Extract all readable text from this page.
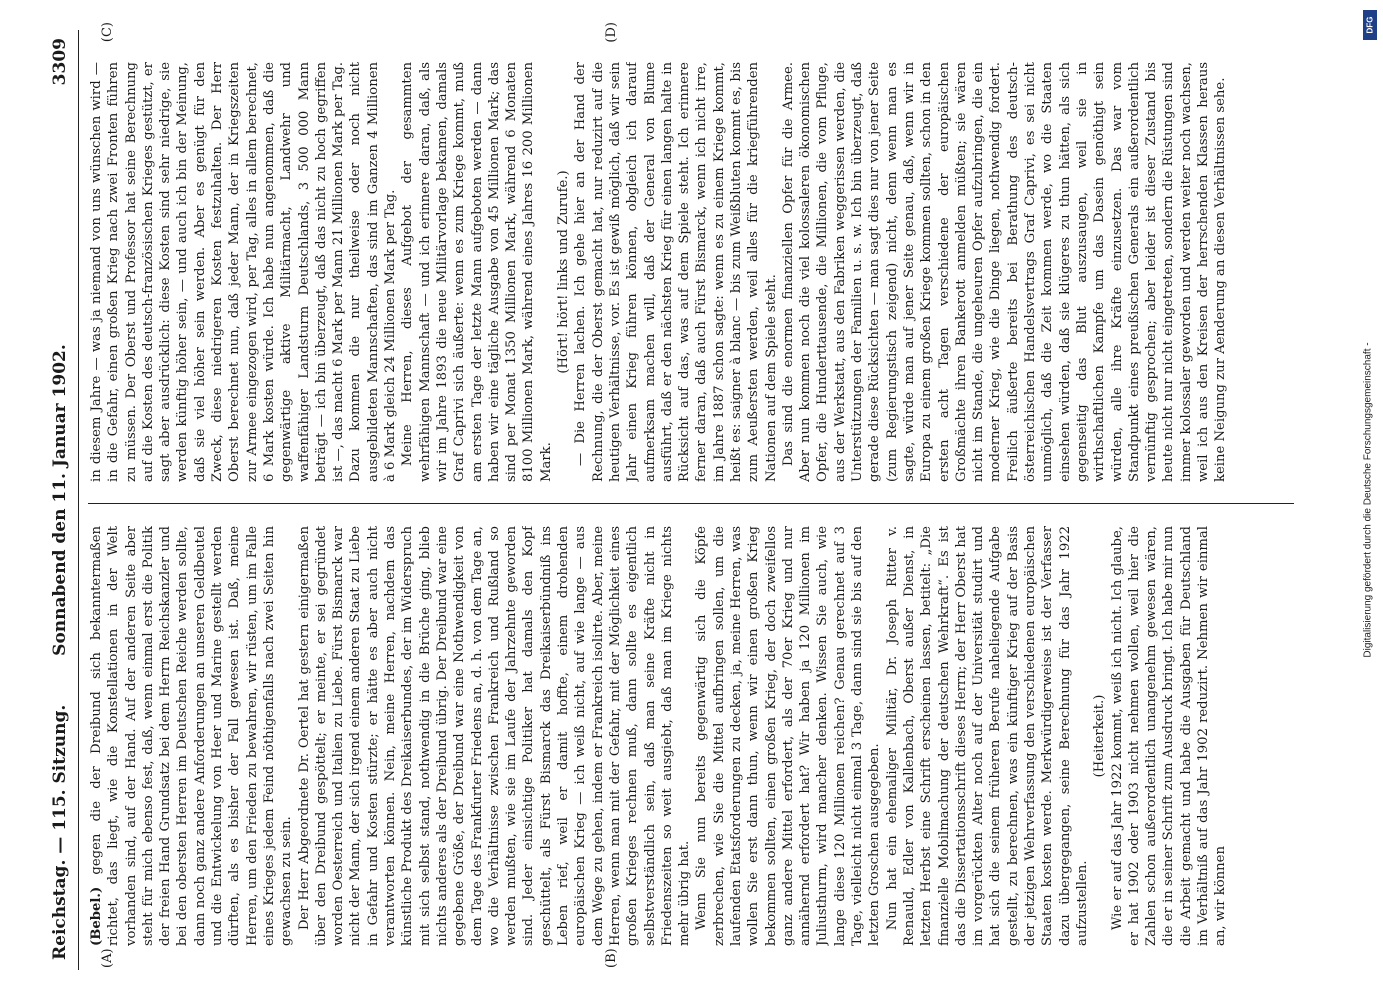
Reichstag. — 115. Sitzung.
Sonnabend den 11. Januar 1902.
3309
(A)	(B)
(C)	(D)

(Bebel.) gegen die der Dreibund sich bekanntermaßen richtet, das liegt, wie die Konstellationen in der Welt vorhanden sind, auf der Hand. Auf der anderen Seite aber steht für mich ebenso fest, daß, wenn einmal erst die Politik der freien Hand Grundsatz bei dem Herrn Reichskanzler und bei den obersten Herren im Deutschen Reiche werden sollte, dann noch ganz andere Anforderungen an unseren Geldbeutel und die Entwickelung von Heer und Marine gestellt werden dürften, als es bisher der Fall gewesen ist. Daß, meine Herren, um den Frieden zu bewahren, wir rüsten, um im Falle eines Krieges jedem Feind nöthigenfalls nach zwei Seiten hin gewachsen zu sein. Der Herr Abgeordnete Dr. Oertel hat gestern einigermaßen über den Dreibund gespöttelt; er meinte, er sei gegründet worden Oesterreich und Italien zu Liebe. Fürst Bismarck war nicht der Mann, der sich irgend einem anderen Staat zu Liebe in Gefahr und Kosten stürzte; er hätte es aber auch nicht verantworten können. Nein, meine Herren, nachdem das künstliche Produkt des Dreikaiserbundes, der im Widerspruch mit sich selbst stand, nothwendig in die Brüche ging, blieb nichts anderes als der Dreibund übrig. Der Dreibund war eine gegebene Größe, der Dreibund war eine Nothwendigkeit von dem Tage des Frankfurter Friedens an, d. h. von dem Tage an, wo die Verhältnisse zwischen Frankreich und Rußland so werden mußten, wie sie im Laufe der Jahrzehnte geworden sind. Jeder einsichtige Politiker hat damals den Kopf geschüttelt, als Fürst Bismarck das Dreikaiserbündniß ins Leben rief, weil er damit hoffte, einem drohenden europäischen Krieg — ich weiß nicht, auf wie lange — aus dem Wege zu gehen, indem er Frankreich isolirte. Aber, meine Herren, wenn man mit der Gefahr, mit der Möglichkeit eines großen Krieges rechnen muß, dann sollte es eigentlich selbstverständlich sein, daß man seine Kräfte nicht in Friedenszeiten so weit ausgiebt, daß man im Kriege nichts mehr übrig hat. Wenn Sie nun bereits gegenwärtig sich die Köpfe zerbrechen, wie Sie die Mittel aufbringen sollen, um die laufenden Etatsforderungen zu decken, ja, meine Herren, was wollen Sie erst dann thun, wenn wir einen großen Krieg bekommen sollten, einen großen Krieg, der doch zweifellos ganz andere Mittel erfordert, als der 70er Krieg und nur annähernd erfordert hat? Wir haben ja 120 Millionen im Juliusthurm, wird mancher denken. Wissen Sie auch, wie lange diese 120 Millionen reichen? Genau gerechnet auf 3 Tage, vielleicht nicht einmal 3 Tage, dann sind sie bis auf den letzten Groschen ausgegeben. Nun hat ein ehemaliger Militär, Dr. Joseph Ritter v. Renauld, Edler von Kallenbach, Oberst außer Dienst, in letzten Herbst eine Schrift erscheinen lassen, betitelt: „Die finanzielle Mobilmachung der deutschen Wehrkraft“. Es ist das die Dissertationsschrift dieses Herrn; der Herr Oberst hat im vorgerückten Alter noch auf der Universität studirt und hat sich die seinem früheren Berufe naheliegende Aufgabe gestellt, zu berechnen, was ein künftiger Krieg auf der Basis der jetzigen Wehrverfassung den verschiedenen europäischen Staaten kosten werde. Merkwürdigerweise ist der Verfasser dazu übergegangen, seine Berechnung für das Jahr 1922 aufzustellen.

(Heiterkeit.) Wie er auf das Jahr 1922 kommt, weiß ich nicht. Ich glaube, er hat 1902 oder 1903 nicht nehmen wollen, weil hier die Zahlen schon außerordentlich unangenehm gewesen wären, die er in seiner Schrift zum Ausdruck bringt. Ich habe mir nun die Arbeit gemacht und habe die Ausgaben für Deutschland im Verhältniß auf das Jahr 1902 reduzirt. Nehmen wir einmal an, wir können

in diesem Jahre — was ja niemand von uns wünschen wird — in die Gefahr, einen großen Krieg nach zwei Fronten führen zu müssen. Der Oberst und Professor hat seine Berechnung auf die Kosten des deutsch-französischen Krieges gestützt, er sagt aber ausdrücklich: diese Kosten sind sehr niedrige, sie werden künftig höher sein, — und auch ich bin der Meinung, daß sie viel höher sein werden. Aber es genügt für den Zweck, diese niedrigeren Kosten festzuhalten. Der Herr Oberst berechnet nun, daß jeder Mann, der in Kriegszeiten zur Armee eingezogen wird, per Tag, alles in allem berechnet, 6 Mark kosten würde. Ich habe nun angenommen, daß die gegenwärtige aktive Militärmacht, Landwehr und waffenfähiger Landsturm Deutschlands, 3 500 000 Mann beträgt — ich bin überzeugt, daß das nicht zu hoch gegriffen ist —, das macht 6 Mark per Mann 21 Millionen Mark per Tag. Dazu kommen die nur theilweise oder noch nicht ausgebildeten Mannschaften, das sind im Ganzen 4 Millionen à 6 Mark gleich 24 Millionen Mark per Tag. Meine Herren, dieses Aufgebot der gesammten wehrfähigen Mannschaft — und ich erinnere daran, daß, als wir im Jahre 1893 die neue Militärvorlage bekamen, damals Graf Caprivi sich äußerte: wenn es zum Kriege kommt, muß am ersten Tage der letzte Mann aufgeboten werden — dann haben wir eine tägliche Ausgabe von 45 Millionen Mark; das sind per Monat 1350 Millionen Mark, während 6 Monaten 8100 Millionen Mark, während eines Jahres 16 200 Millionen Mark.

(Hört! hört! links und Zurufe.) — Die Herren lachen. Ich gehe hier an der Hand der Rechnung, die der Oberst gemacht hat, nur reduzirt auf die heutigen Verhältnisse, vor. Es ist gewiß möglich, daß wir sein Jahr einen Krieg führen können, obgleich ich darauf aufmerksam machen will, daß der General von Blume ausführt, daß er den nächsten Krieg für einen langen halte in Rücksicht auf das, was auf dem Spiele steht. Ich erinnere ferner daran, daß auch Fürst Bismarck, wenn ich nicht irre, im Jahre 1887 schon sagte: wenn es zu einem Kriege kommt, heißt es: saigner à blanc — bis zum Weißbluten kommt es, bis zum Aeußersten werden, weil alles für die kriegführenden Nationen auf dem Spiele steht. Das sind die enormen finanziellen Opfer für die Armee. Aber nun kommen noch die viel kolossaleren ökonomischen Opfer, die Hunderttausende, die Millionen, die vom Pfluge, aus der Werkstatt, aus den Fabriken weggerissen werden, die Unterstützungen der Familien u. s. w. Ich bin überzeugt, daß gerade diese Rücksichten — man sagt dies nur von jener Seite (zum Regierungstisch zeigend) nicht, denn wenn man es sagte, würde man auf jener Seite genau, daß, wenn wir in Europa zu einem großen Kriege kommen sollten, schon in den ersten acht Tagen verschiedene der europäischen Großmächte ihren Bankerott anmelden müßten; sie wären nicht im Stande, die ungeheuren Opfer aufzubringen, die ein moderner Krieg, wie die Dinge liegen, nothwendig fordert. Freilich äußerte bereits bei Berathung des deutsch-österreichischen Handelsvertrags Graf Caprivi, es sei nicht unmöglich, daß die Zeit kommen werde, wo die Staaten einsehen würden, daß sie klügeres zu thun hätten, als sich gegenseitig das Blut auszusaugen, weil sie in wirthschaftlichen Kampfe um das Dasein genöthigt sein würden, alle ihre Kräfte einzusetzen. Das war vom Standpunkt eines preußischen Generals ein außerordentlich vernünftig gesprochen; aber leider ist dieser Zustand bis heute nicht nur nicht eingetreten, sondern die Rüstungen sind immer kolossaler geworden und werden weiter noch wachsen, weil ich aus den Kreisen der herrschenden Klassen heraus keine Neigung zur Aenderung an diesen Verhältnissen sehe.

DFG
Digitalisierung gefördert durch die Deutsche Forschungsgemeinschaft -
